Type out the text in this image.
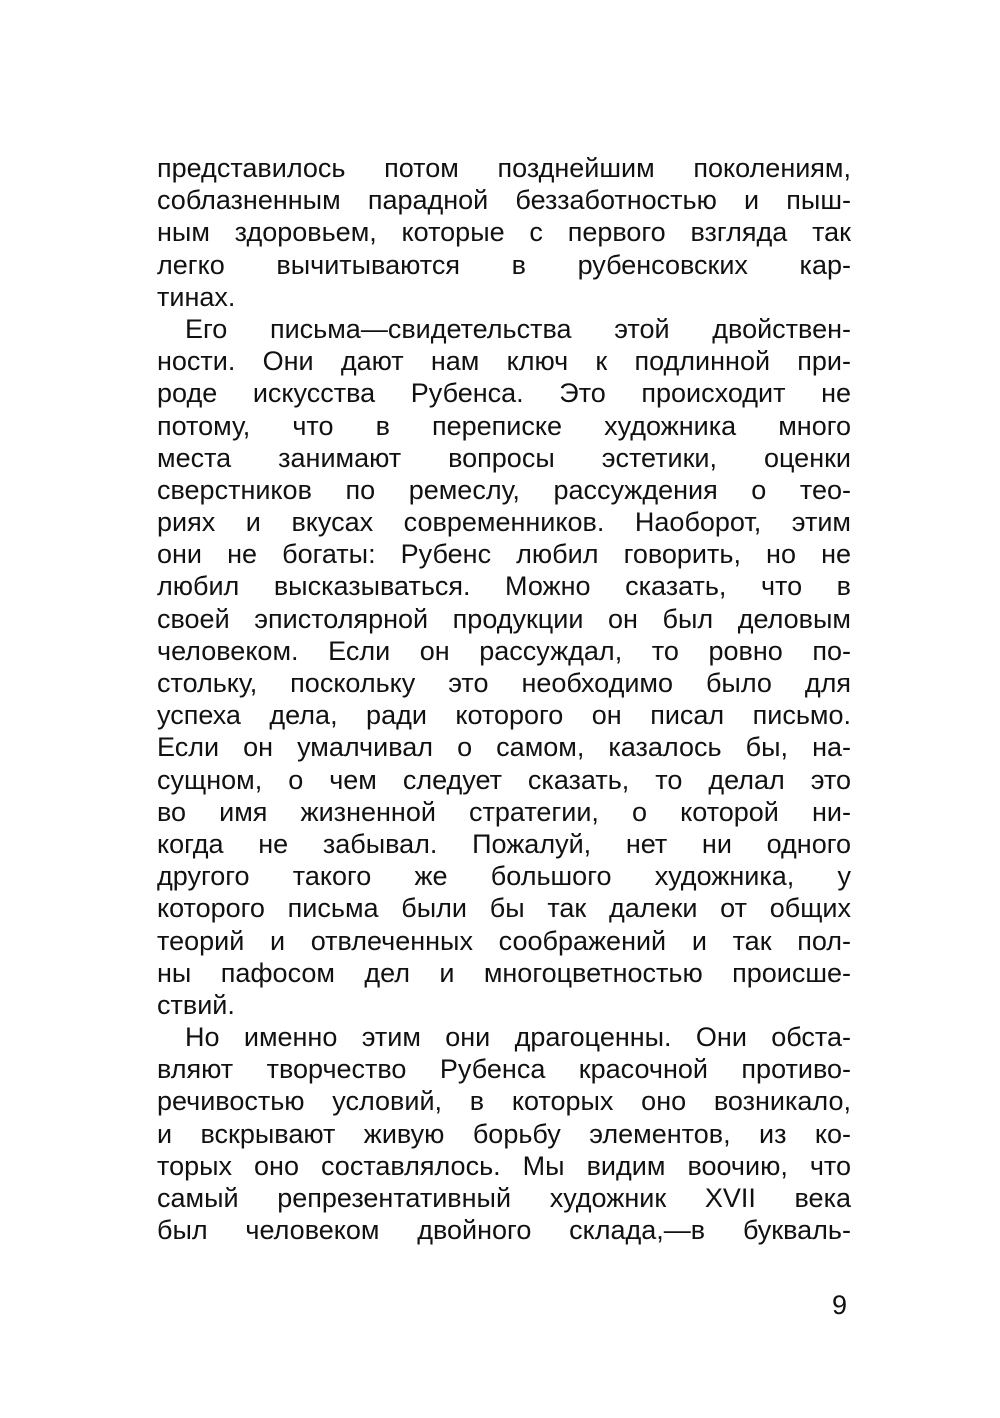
представилось потом позднейшим поколениям,
соблазненным парадной беззаботностью и пыш-
ным здоровьем, которые с первого взгляда так
легко вычитываются в рубенсовских кар-
тинах.
Его письма—свидетельства этой двойствен-
ности. Они дают нам ключ к подлинной при-
роде искусства Рубенса. Это происходит не
потому, что в переписке художника много
места занимают вопросы эстетики, оценки
сверстников по ремеслу, рассуждения о тео-
риях и вкусах современников. Наоборот, этим
они не богаты: Рубенс любил говорить, но не
любил высказываться. Можно сказать, что в
своей эпистолярной продукции он был деловым
человеком. Если он рассуждал, то ровно по-
стольку, поскольку это необходимо было для
успеха дела, ради которого он писал письмо.
Если он умалчивал о самом, казалось бы, на-
сущном, о чем следует сказать, то делал это
во имя жизненной стратегии, о которой ни-
когда не забывал. Пожалуй, нет ни одного
другого такого же большого художника, у
которого письма были бы так далеки от общих
теорий и отвлеченных соображений и так пол-
ны пафосом дел и многоцветностью происше-
ствий.
Но именно этим они драгоценны. Они обста-
вляют творчество Рубенса красочной противо-
речивостью условий, в которых оно возникало,
и вскрывают живую борьбу элементов, из ко-
торых оно составлялось. Мы видим воочию, что
самый репрезентативный художник XVII века
был человеком двойного склада,—в букваль-
9
